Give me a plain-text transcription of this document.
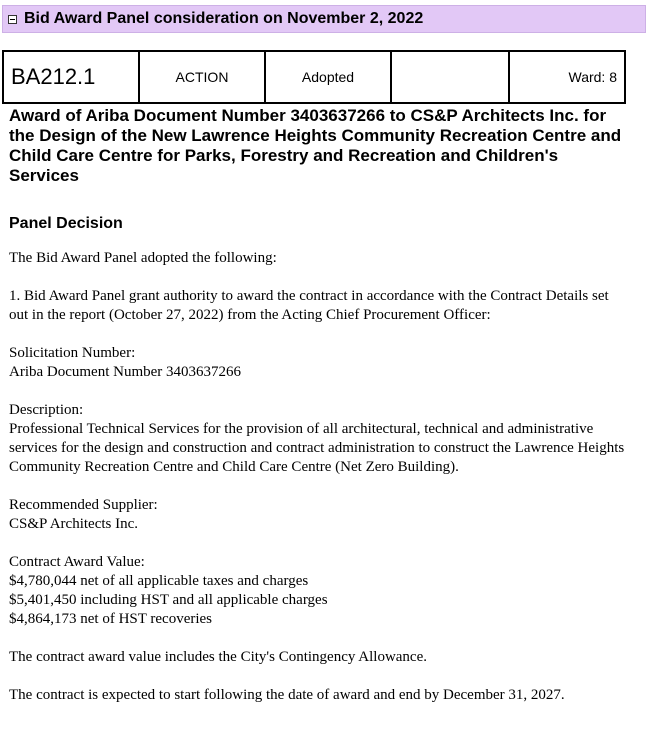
Bid Award Panel consideration on November 2, 2022
BA212.1	ACTION	Adopted		Ward: 8
Award of Ariba Document Number 3403637266 to CS&P Architects Inc. for the Design of the New Lawrence Heights Community Recreation Centre and Child Care Centre for Parks, Forestry and Recreation and Children's Services
Panel Decision

The Bid Award Panel adopted the following:

1. Bid Award Panel grant authority to award the contract in accordance with the Contract Details set out in the report (October 27, 2022) from the Acting Chief Procurement Officer:

Solicitation Number:
Ariba Document Number 3403637266

Description:
Professional Technical Services for the provision of all architectural, technical and administrative services for the design and construction and contract administration to construct the Lawrence Heights Community Recreation Centre and Child Care Centre (Net Zero Building).

Recommended Supplier:
CS&P Architects Inc.

Contract Award Value:
$4,780,044 net of all applicable taxes and charges
$5,401,450 including HST and all applicable charges
$4,864,173 net of HST recoveries

The contract award value includes the City's Contingency Allowance.

The contract is expected to start following the date of award and end by December 31, 2027.
